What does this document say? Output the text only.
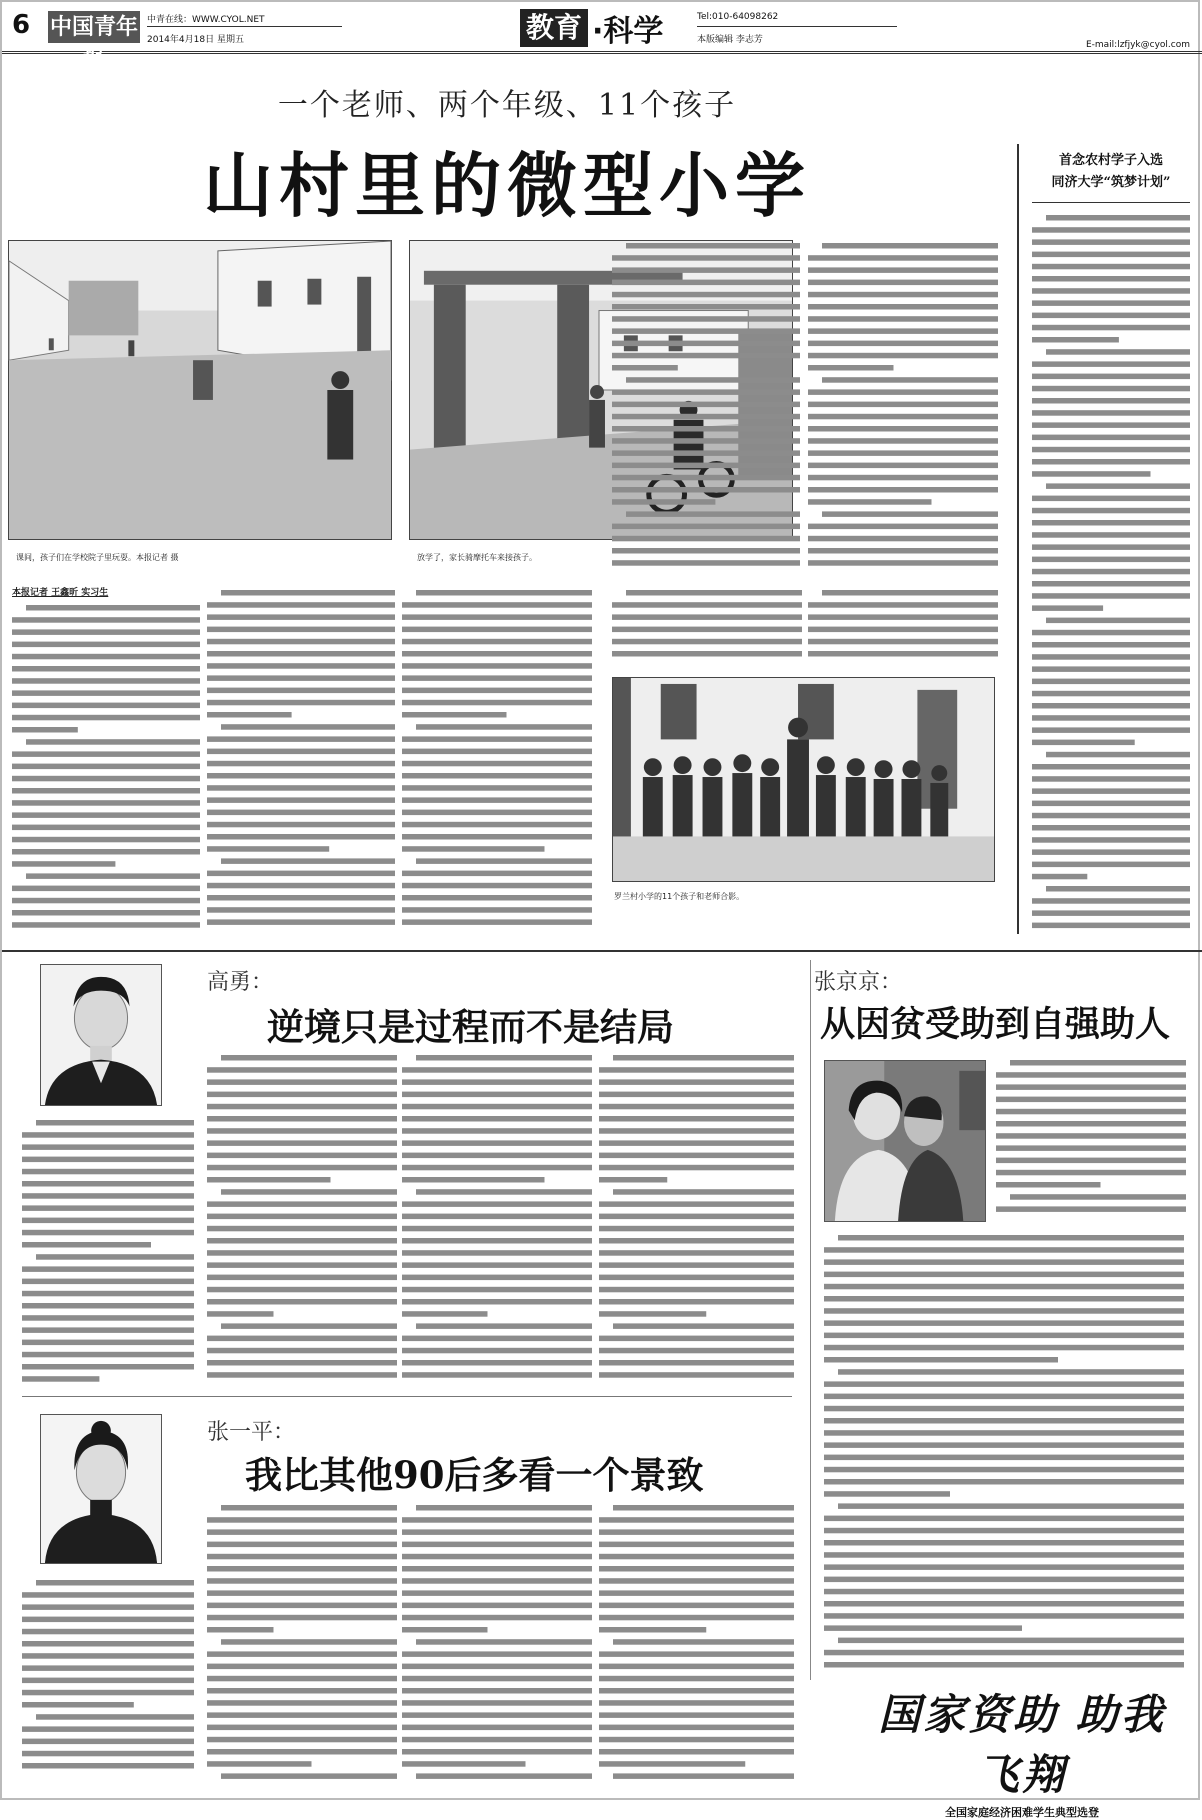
6 中国青年报
中青在线：WWW.CYOL.NET
2014年4月18日 星期五	教育 ·科学	Tel:010-64098262
本版编辑 李志芳	E-mail:lzfjyk@cyol.com
一个老师、两个年级、11个孩子
山村里的微型小学
课间，孩子们在学校院子里玩耍。本报记者 摄	放学了，家长骑摩托车来接孩子。
本报记者 王鑫昕 实习生
罗兰村小学的11个孩子和老师合影。
首念农村学子入选
同济大学“筑梦计划”
高勇：
逆境只是过程而不是结局
张京京：
从因贫受助到自强助人
张一平：
我比其他90后多看一个景致
国家资助 助我飞翔
全国家庭经济困难学生典型选登
